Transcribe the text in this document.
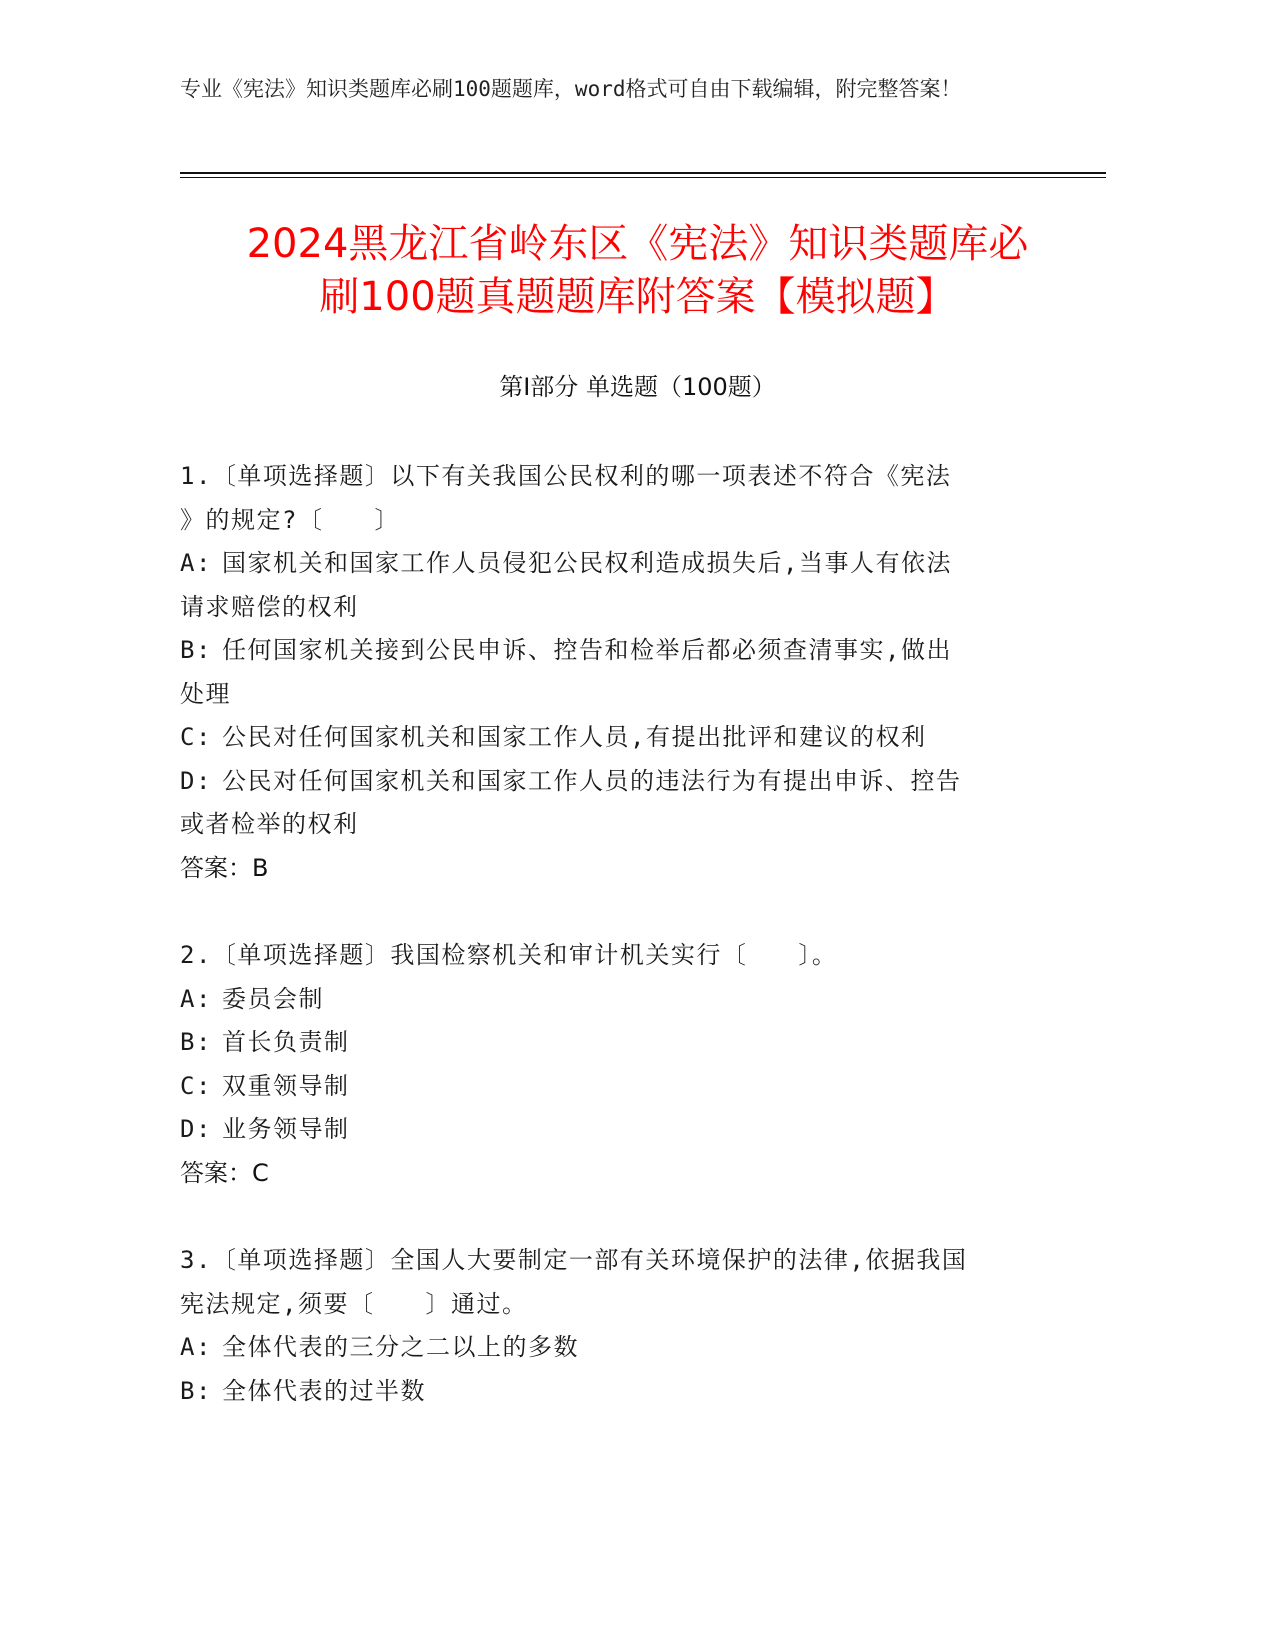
专业《宪法》知识类题库必刷100题题库，word格式可自由下载编辑，附完整答案！
2024黑龙江省岭东区《宪法》知识类题库必
刷100题真题题库附答案【模拟题】
第Ⅰ部分 单选题（100题）
1.〔单项选择题〕以下有关我国公民权利的哪一项表述不符合《宪法
》的规定?〔　　〕
A: 国家机关和国家工作人员侵犯公民权利造成损失后,当事人有依法
请求赔偿的权利
B: 任何国家机关接到公民申诉、控告和检举后都必须查清事实,做出
处理
C: 公民对任何国家机关和国家工作人员,有提出批评和建议的权利
D: 公民对任何国家机关和国家工作人员的违法行为有提出申诉、控告
或者检举的权利
答案：B
2.〔单项选择题〕我国检察机关和审计机关实行〔　　〕。
A: 委员会制
B: 首长负责制
C: 双重领导制
D: 业务领导制
答案：C
3.〔单项选择题〕全国人大要制定一部有关环境保护的法律,依据我国
宪法规定,须要〔　　〕通过。
A: 全体代表的三分之二以上的多数
B: 全体代表的过半数
